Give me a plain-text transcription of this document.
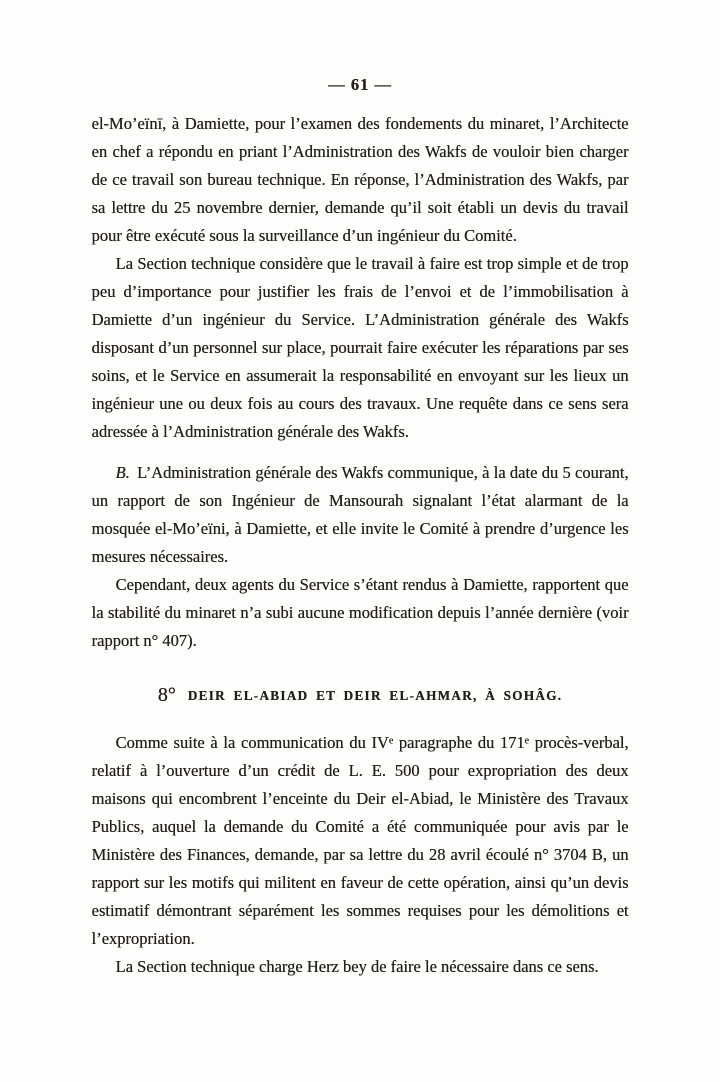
— 61 —

el-Mo’eïnī, à Damiette, pour l’examen des fondements du minaret, l’Architecte en chef a répondu en priant l’Administration des Wakfs de vouloir bien charger de ce travail son bureau technique. En réponse, l’Administration des Wakfs, par sa lettre du 25 novembre dernier, demande qu’il soit établi un devis du travail pour être exécuté sous la surveillance d’un ingénieur du Comité.

La Section technique considère que le travail à faire est trop simple et de trop peu d’importance pour justifier les frais de l’envoi et de l’immobilisation à Damiette d’un ingénieur du Service. L’Administration générale des Wakfs disposant d’un personnel sur place, pourrait faire exécuter les réparations par ses soins, et le Service en assumerait la responsabilité en envoyant sur les lieux un ingénieur une ou deux fois au cours des travaux. Une requête dans ce sens sera adressée à l’Administration générale des Wakfs.

B. L’Administration générale des Wakfs communique, à la date du 5 courant, un rapport de son Ingénieur de Mansourah signalant l’état alarmant de la mosquée el-Mo’eïni, à Damiette, et elle invite le Comité à prendre d’urgence les mesures nécessaires.

Cependant, deux agents du Service s’étant rendus à Damiette, rapportent que la stabilité du minaret n’a subi aucune modification depuis l’année dernière (voir rapport n° 407).

8° DEIR EL-ABIAD ET DEIR EL-AHMAR, À SOHÂG.

Comme suite à la communication du IVᵉ paragraphe du 171ᵉ procès-verbal, relatif à l’ouverture d’un crédit de L. E. 500 pour expropriation des deux maisons qui encombrent l’enceinte du Deir el-Abiad, le Ministère des Travaux Publics, auquel la demande du Comité a été communiquée pour avis par le Ministère des Finances, demande, par sa lettre du 28 avril écoulé n° 3704 B, un rapport sur les motifs qui militent en faveur de cette opération, ainsi qu’un devis estimatif démontrant séparément les sommes requises pour les démolitions et l’expropriation.

La Section technique charge Herz bey de faire le nécessaire dans ce sens.
